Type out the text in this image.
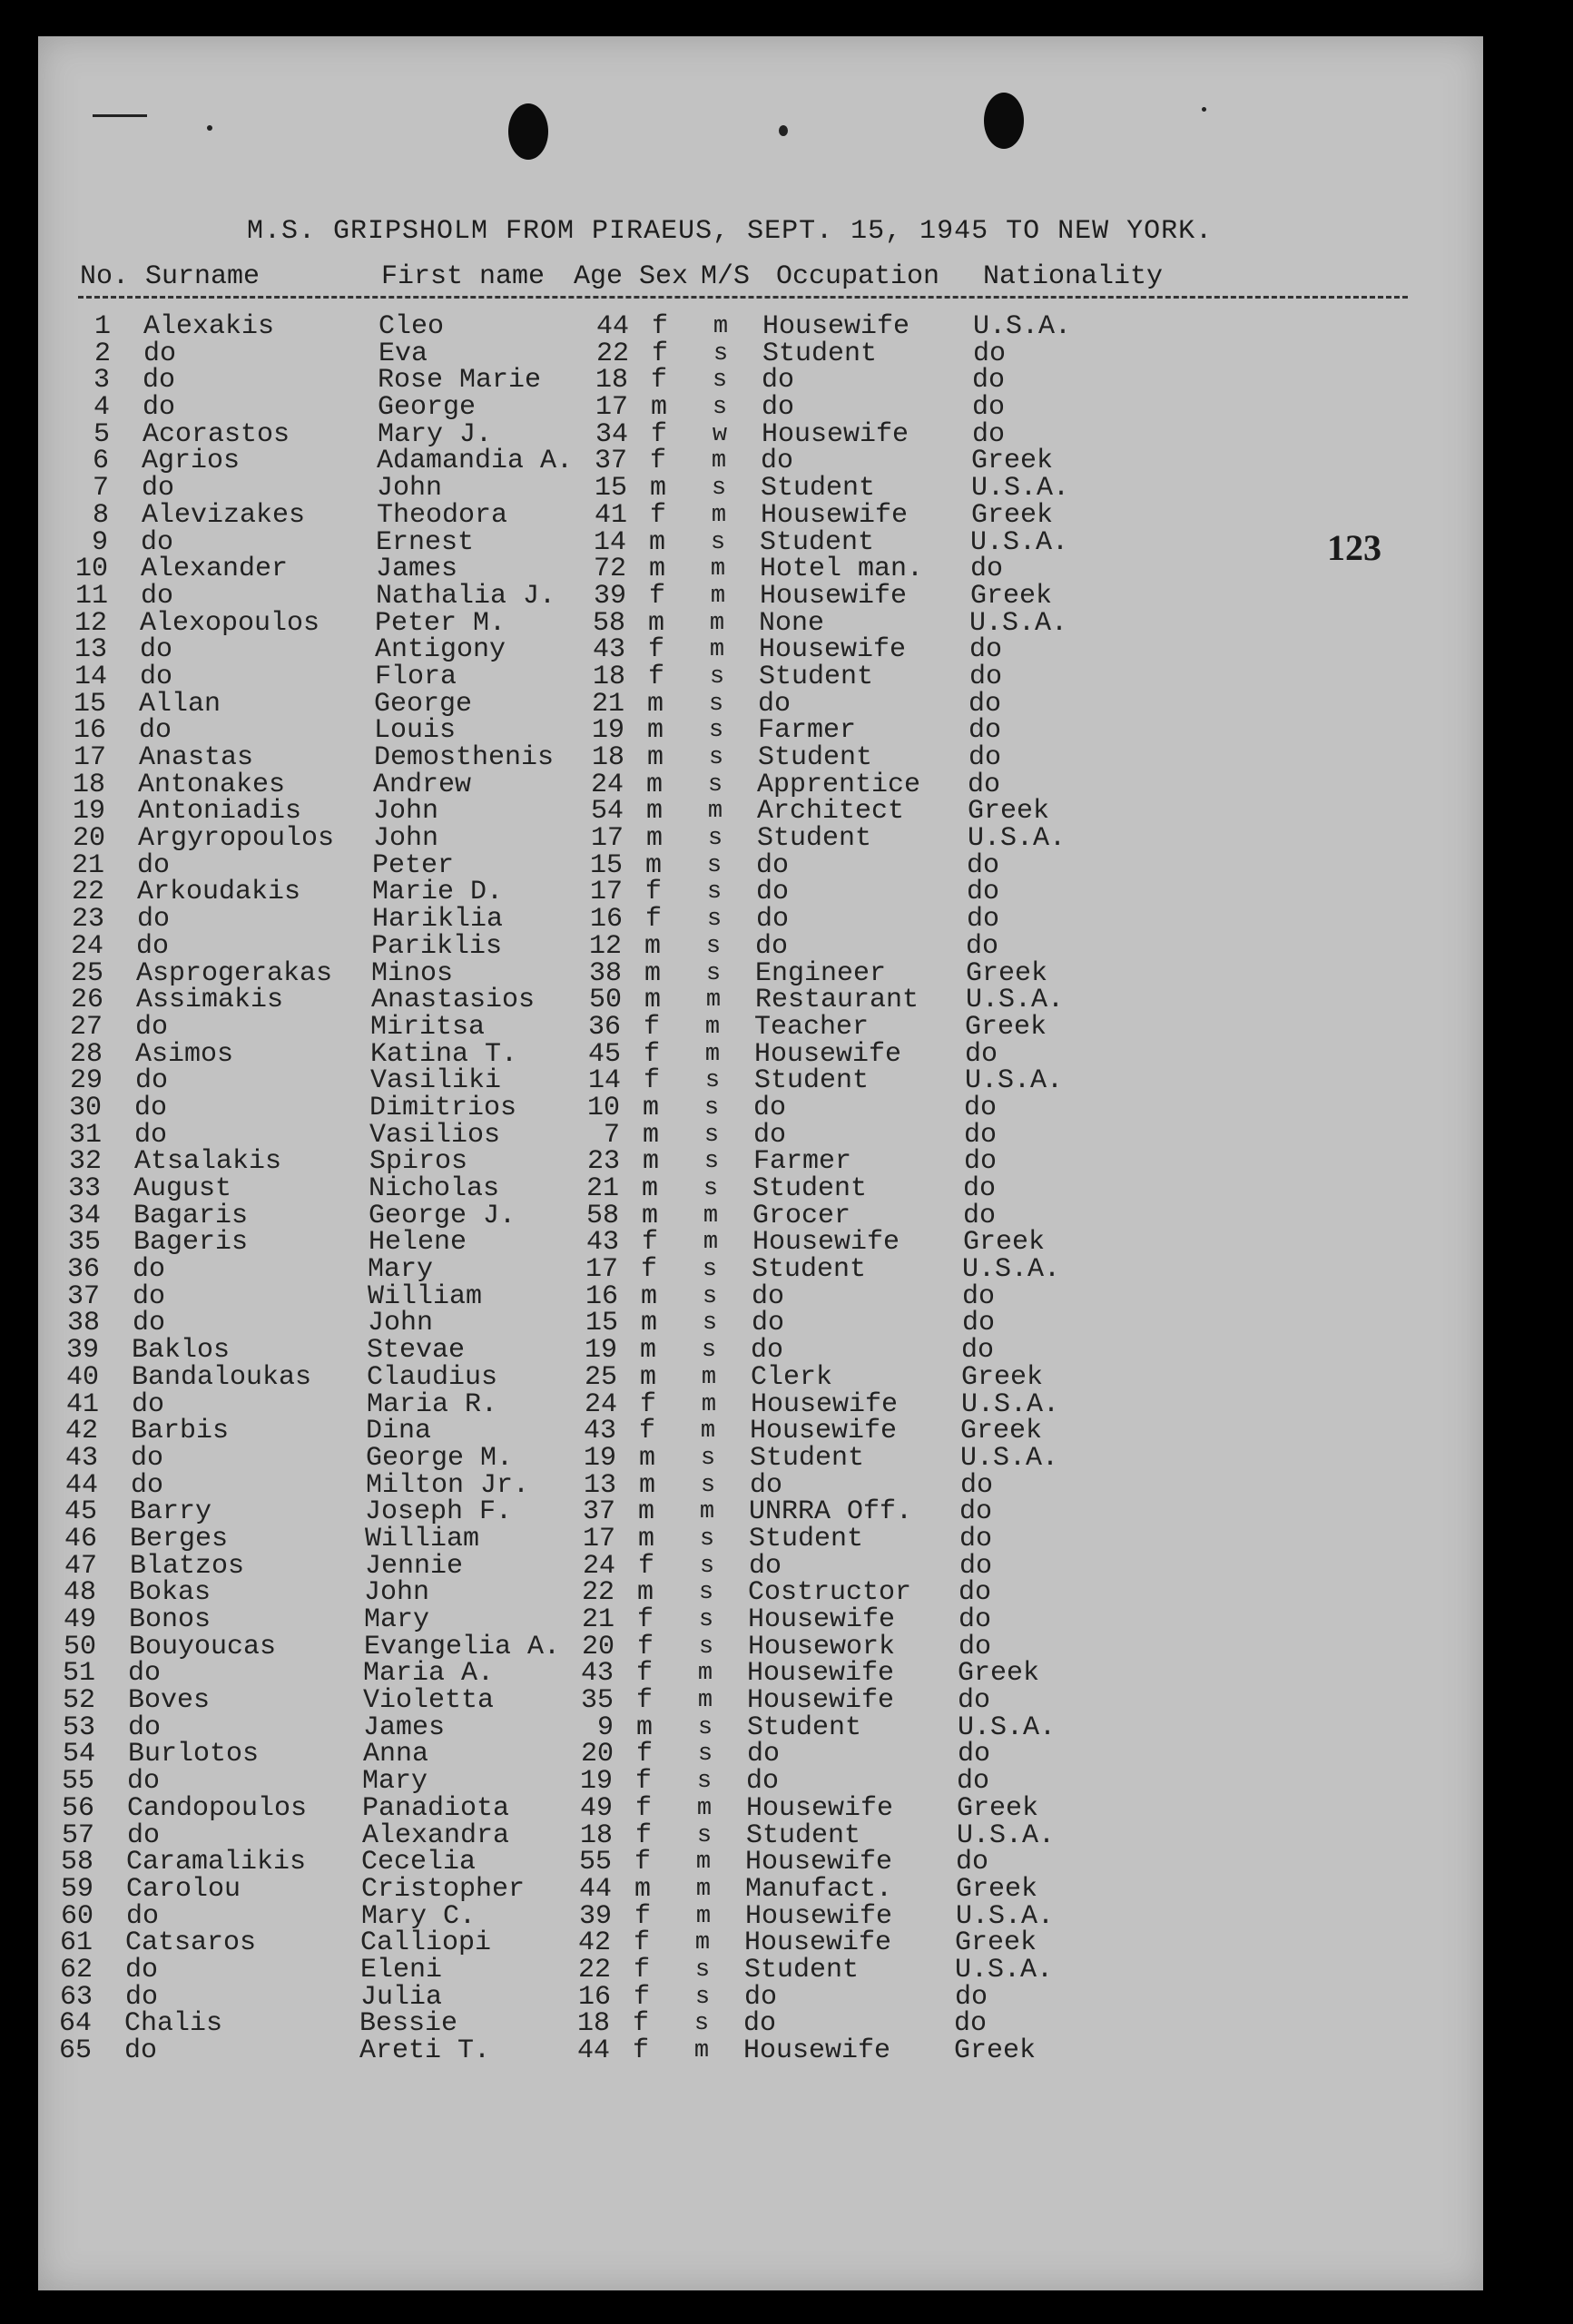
M.S. GRIPSHOLM FROM PIRAEUS, SEPT. 15, 1945 TO NEW YORK.
No. Surname	First name Age Sex M/S Occupation Nationality
123
1 Alexakis	Cleo	44 f m Housewife U.S.A.
2 do	Eva	22 f s Student	do
3 do	Rose Marie	18 f s do	do
4 do	George	17 m s do	do
5 Acorastos	Mary J.	34 f w Housewife do
6 Agrios	Adamandia A. 37 f m do	Greek
7 do	John	15 m s Student	U.S.A.
8 Alevizakes	Theodora	41 f m Housewife Greek
9 do	Ernest	14 m s Student	U.S.A.
10 Alexander	James	72 m m Hotel man. do
11 do	Nathalia J.	39 f m Housewife Greek
12 Alexopoulos Peter M.	58 m m None	U.S.A.
13 do	Antigony	43 f m Housewife do
14 do	Flora	18 f s Student	do
15 Allan	George	21 m s do	do
16 do	Louis	19 m s Farmer	do
17 Anastas	Demosthenis	18 m s Student	do
18 Antonakes	Andrew	24 m s Apprentice do
19 Antoniadis	John	54 m m Architect Greek
20 Argyropoulos John	17 m s Student	U.S.A.
21 do	Peter	15 m s do	do
22 Arkoudakis	Marie D.	17 f s do	do
23 do	Hariklia	16 f s do	do
24 do	Pariklis	12 m s do	do
25 Asprogerakas Minos	38 m s Engineer	Greek
26 Assimakis	Anastasios	50 m m Restaurant U.S.A.
27 do	Miritsa	36 f m Teacher	Greek
28 Asimos	Katina T.	45 f m Housewife do
29 do	Vasiliki	14 f s Student	U.S.A.
30 do	Dimitrios	10 m s do	do
31 do	Vasilios	7 m s do	do
32 Atsalakis	Spiros	23 m s Farmer	do
33 August	Nicholas	21 m s Student	do
34 Bagaris	George J.	58 m m Grocer	do
35 Bageris	Helene	43 f m Housewife Greek
36 do	Mary	17 f s Student	U.S.A.
37 do	William	16 m s do	do
38 do	John	15 m s do	do
39 Baklos	Stevae	19 m s do	do
40 Bandaloukas Claudius	25 m m Clerk	Greek
41 do	Maria R.	24 f m Housewife U.S.A.
42 Barbis	Dina	43 f m Housewife Greek
43 do	George M.	19 m s Student	U.S.A.
44 do	Milton Jr.	13 m s do	do
45 Barry	Joseph F.	37 m m UNRRA Off. do
46 Berges	William	17 m s Student	do
47 Blatzos	Jennie	24 f s do	do
48 Bokas	John	22 m s Costructor do
49 Bonos	Mary	21 f s Housewife do
50 Bouyoucas	Evangelia A. 20 f s Housework do
51 do	Maria A.	43 f m Housewife Greek
52 Boves	Violetta	35 f m Housewife do
53 do	James	9 m s Student	U.S.A.
54 Burlotos	Anna	20 f s do	do
55 do	Mary	19 f s do	do
56 Candopoulos Panadiota	49 f m Housewife Greek
57 do	Alexandra	18 f s Student	U.S.A.
58 Caramalikis Cecelia	55 f m Housewife do
59 Carolou	Cristopher	44 m m Manufact. Greek
60 do	Mary C.	39 f m Housewife U.S.A.
61 Catsaros	Calliopi	42 f m Housewife Greek
62 do	Eleni	22 f s Student	U.S.A.
63 do	Julia	16 f s do	do
64 Chalis	Bessie	18 f s do	do
65 do	Areti T.	44 f m Housewife Greek
